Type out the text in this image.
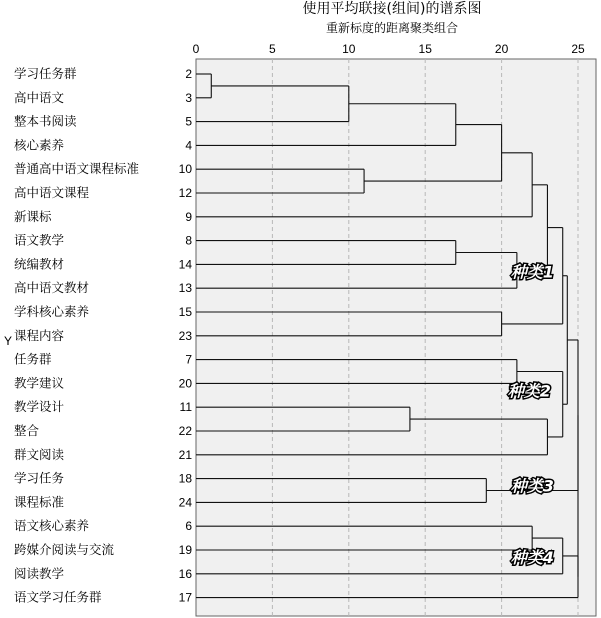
使用平均联接(组间)的谱系图
重新标度的距离聚类组合
Y
0	5	10	15	20	25
学习任务群	2
高中语文	3
整本书阅读	5
核心素养	4
普通高中语文课程标准	10
高中语文课程	12
新课标	9
语文教学	8
统编教材	14
高中语文教材	13
学科核心素养	15
课程内容	23
任务群	7
教学建议	20
教学设计	11
整合	22
群文阅读	21
学习任务	18
课程标准	24
语文核心素养	6
跨媒介阅读与交流	19
阅读教学	16
语文学习任务群	17
种类1
种类2
种类3
种类4
